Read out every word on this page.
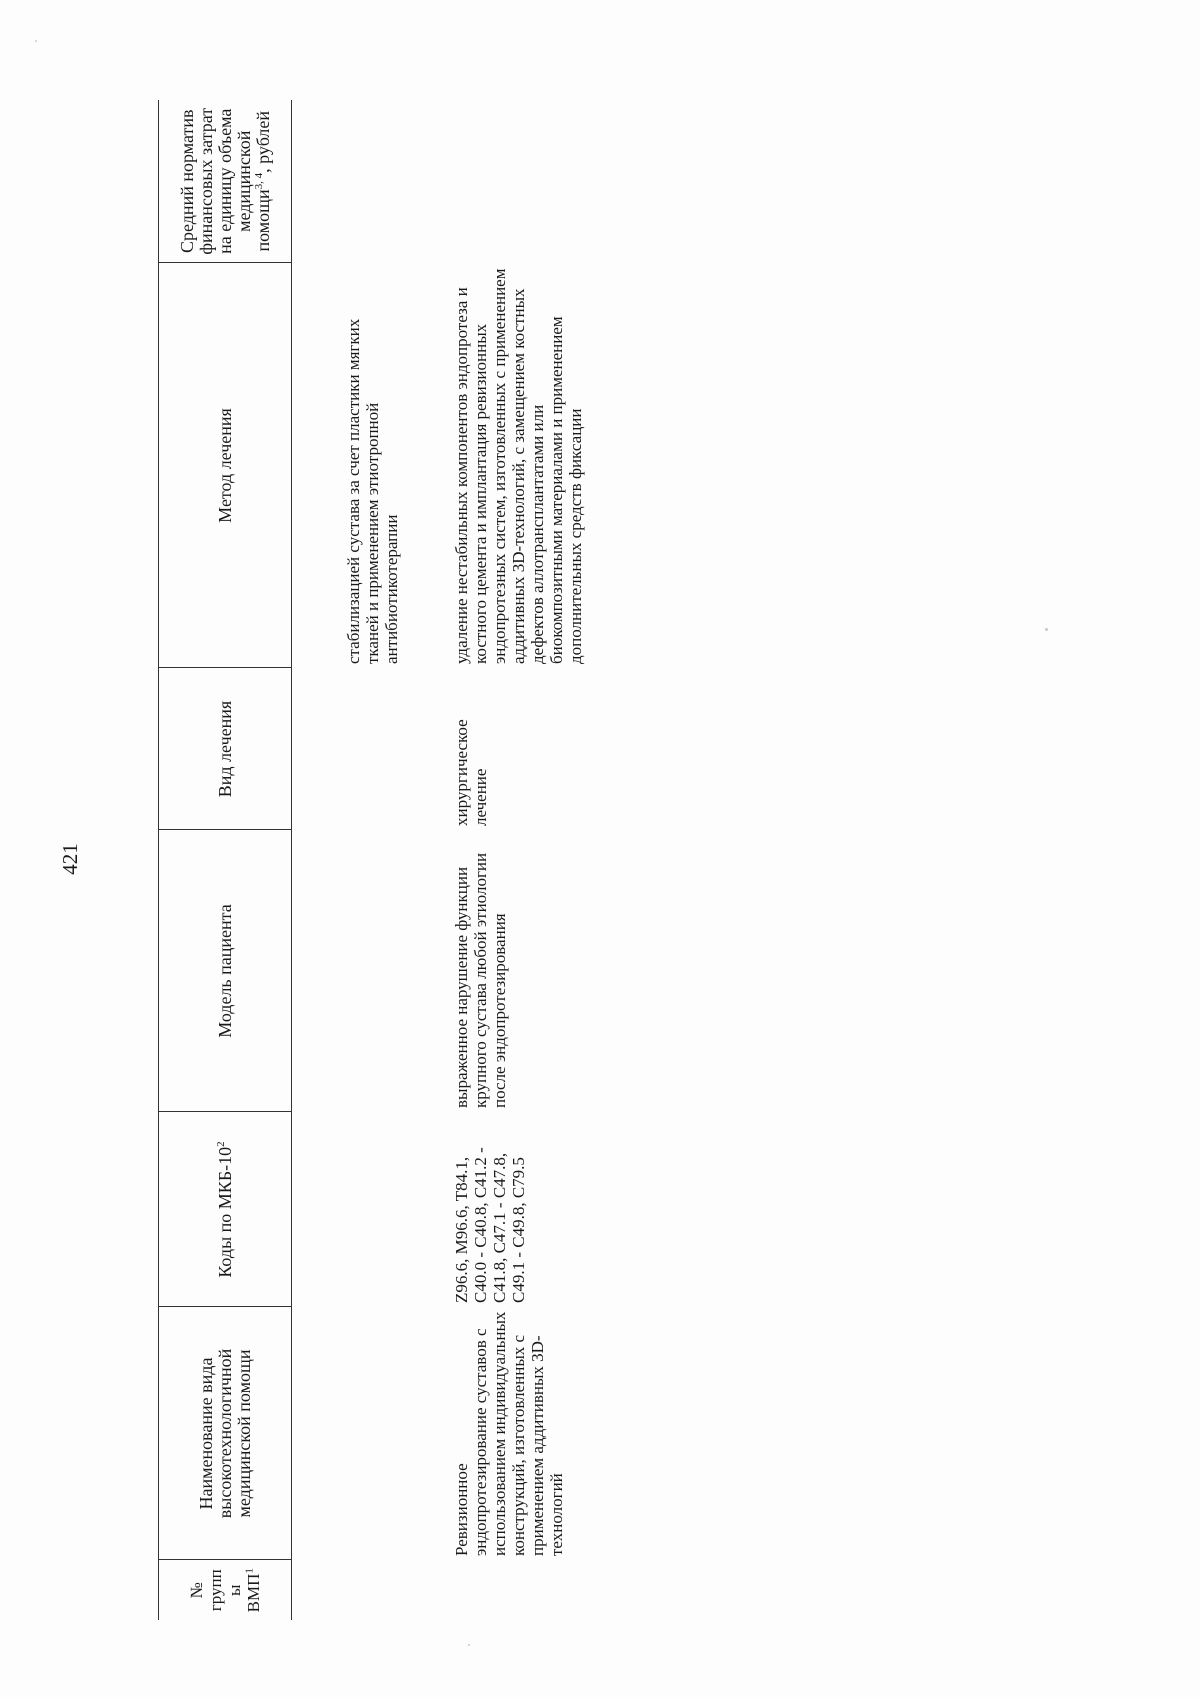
421
№ групп ы ВМП$^1$	Наименование вида высокотехнологичной медицинской помощи	Коды по МКБ-$10^2$	Модель пациента	Вид лечения	Метод лечения	Средний норматив финансовых затрат на единицу объема медицинской помощи$^{3, 4}$, рублей

					стабилизацией сустава за счет пластики мягких тканей и применением этиотропной антибиотикотерапии	
	Ревизионное эндопротезирование суставов с использованием индивидуальных конструкций, изготовленных с применением аддитивных 3D-технологий	Z96.6, M96.6, T84.1, C40.0 - C40.8, C41.2 - C41.8, C47.1 - C47.8, C49.1 - C49.8, C79.5	выраженное нарушение функции крупного сустава любой этиологии после эндопротезирования	хирургическое лечение	удаление нестабильных компонентов эндопротеза и костного цемента и имплантация ревизионных эндопротезных систем, изготовленных с применением аддитивных 3D-технологий, с замещением костных дефектов аллотрансплантатами или биокомпозитными материалами и применением дополнительных средств фиксации	
